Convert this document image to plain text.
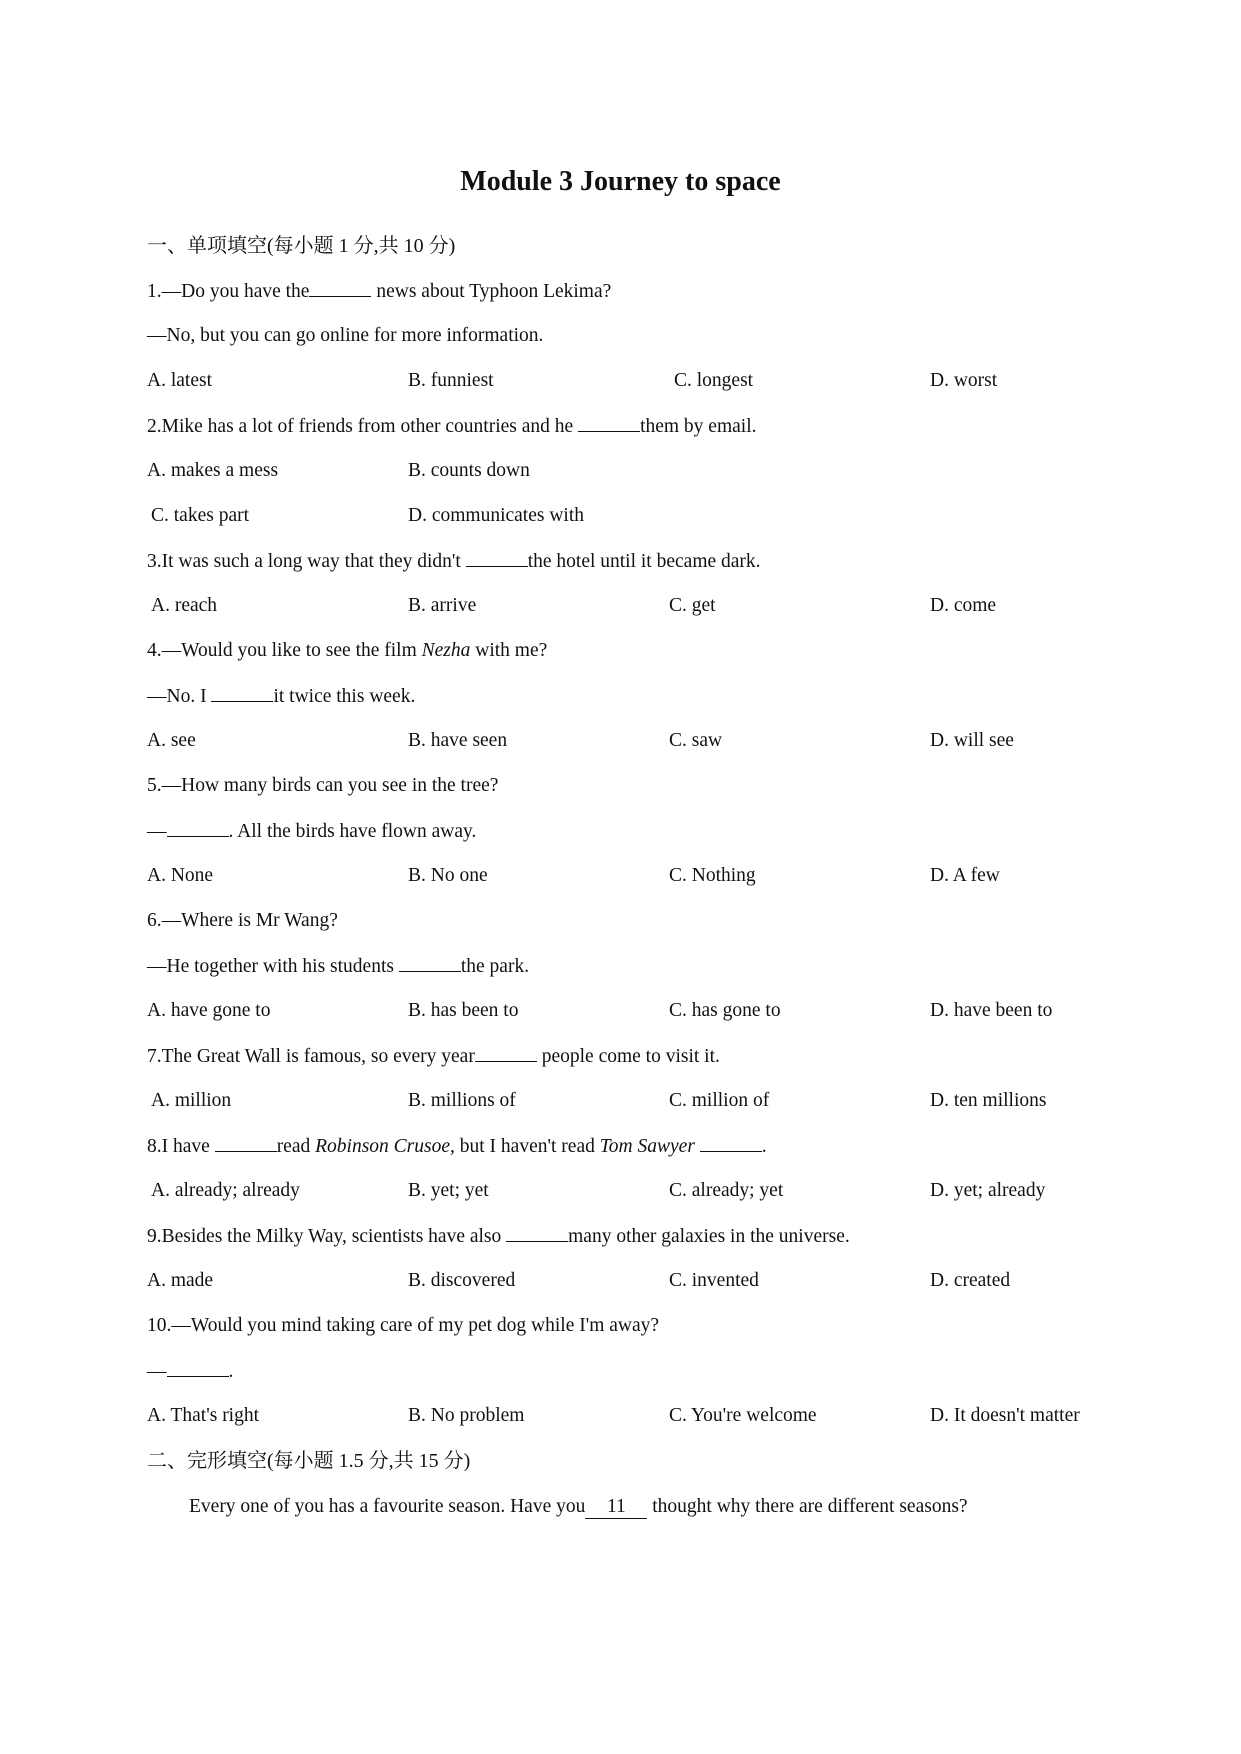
Module 3 Journey to space
一、单项填空(每小题 1 分,共 10 分)
1.—Do you have the	news about Typhoon Lekima?
—No, but you can go online for more information.
A. latest	B. funniest	C. longest	D. worst
2.Mike has a lot of friends from other countries and he	them by email.
A. makes a mess	B. counts down
C. takes part	D. communicates with
3.It was such a long way that they didn't	the hotel until it became dark.
A. reach	B. arrive	C. get	D. come
4.—Would you like to see the film Nezha with me?
—No. I	it twice this week.
A. see	B. have seen	C. saw	D. will see
5.—How many birds can you see in the tree?
—	. All the birds have flown away.
A. None	B. No one	C. Nothing	D. A few
6.—Where is Mr Wang?
—He together with his students	the park.
A. have gone to	B. has been to	C. has gone to	D. have been to
7.The Great Wall is famous, so every year	people come to visit it.
A. million	B. millions of	C. million of	D. ten millions
8.I have	read Robinson Crusoe, but I haven't read Tom Sawyer	.
A. already; already	B. yet; yet	C. already; yet	D. yet; already
9.Besides the Milky Way, scientists have also	many other galaxies in the universe.
A. made	B. discovered	C. invented	D. created
10.—Would you mind taking care of my pet dog while I'm away?
—	.
A. That's right	B. No problem	C. You're welcome	D. It doesn't matter
二、完形填空(每小题 1.5 分,共 15 分)
Every one of you has a favourite season. Have you 11 thought why there are different seasons?
